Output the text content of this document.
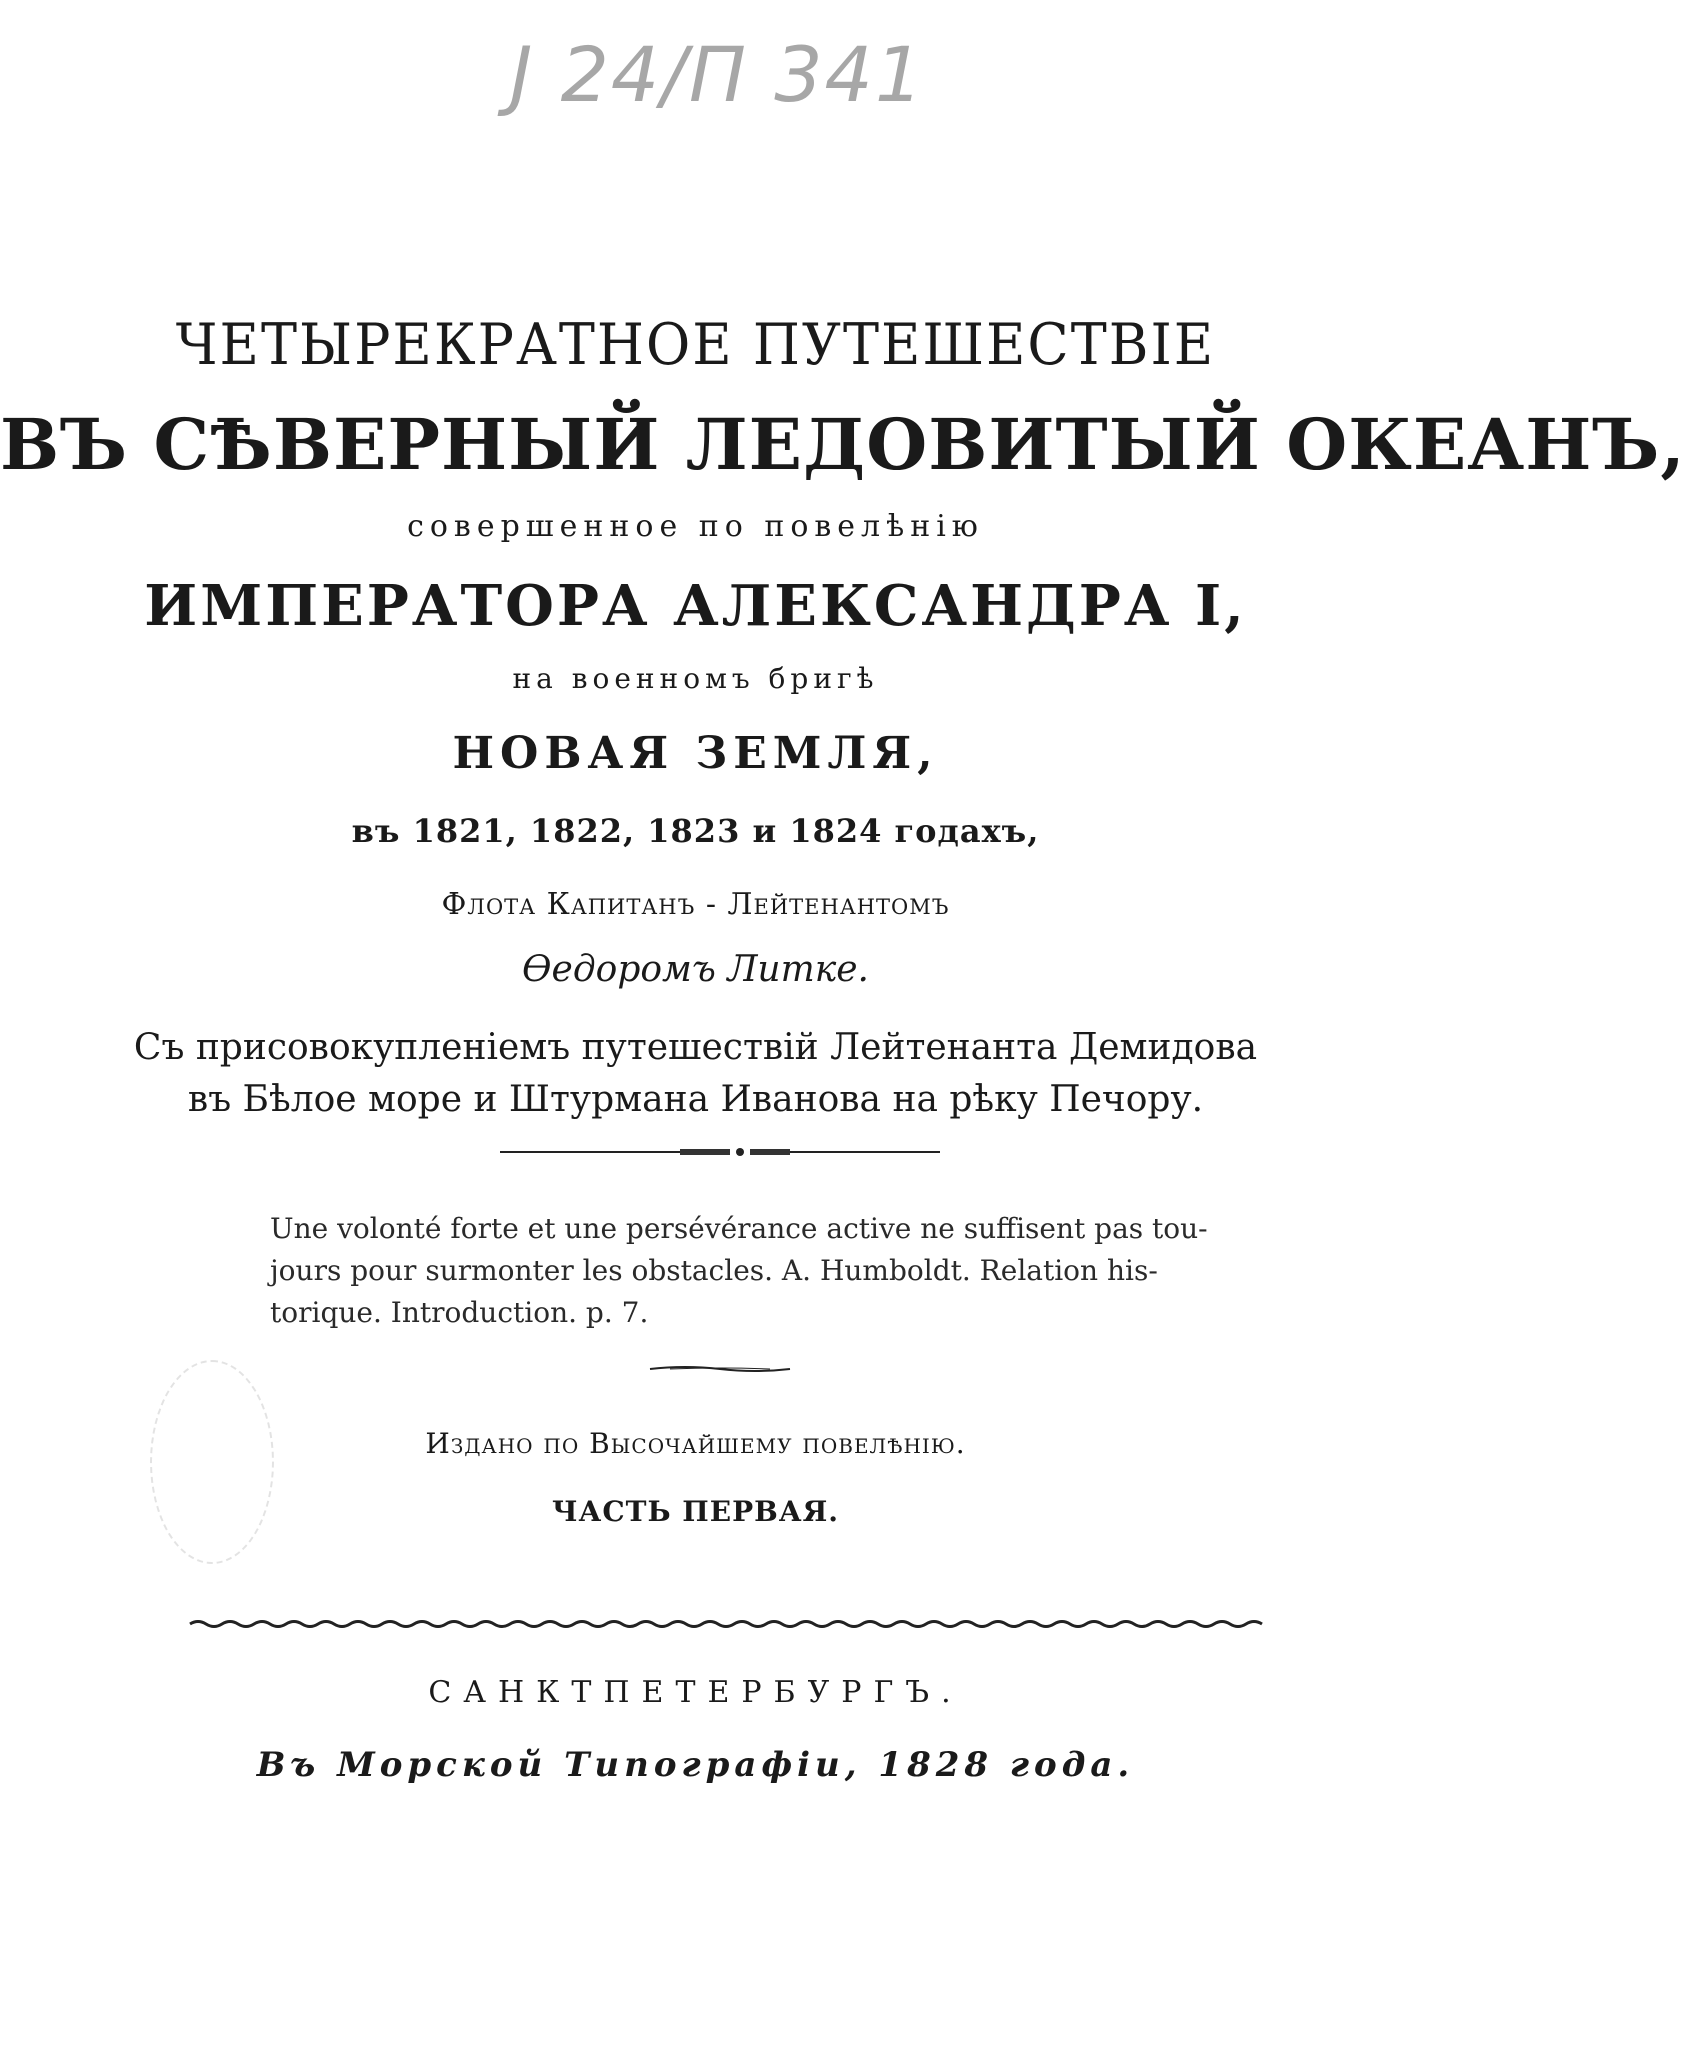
Ј 24/П 341
ЧЕТЫРЕКРАТНОЕ ПУТЕШЕСТВІЕ
ВЪ СѢВЕРНЫЙ ЛЕДОВИТЫЙ ОКЕАНЪ,
совершенное по повелѣнію
ИМПЕРАТОРА АЛЕКСАНДРА I,
на военномъ бригѣ
НОВАЯ ЗЕМЛЯ,
въ 1821, 1822, 1823 и 1824 годахъ,
Флота Капитанъ - Лейтенантомъ
Ѳедоромъ Литке.
Съ присовокупленіемъ путешествій Лейтенанта Демидова
въ Бѣлое море и Штурмана Иванова на рѣку Печору.
Une volonté forte et une persévérance active ne suffisent pas tou-
jours pour surmonter les obstacles. A. Humboldt. Relation his-
torique. Introduction. p. 7.
Издано по Высочайшему повелѣнію.
ЧАСТЬ ПЕРВАЯ.
САНКТПЕТЕРБУРГЪ.
Въ Морской Типографіи, 1828 года.
